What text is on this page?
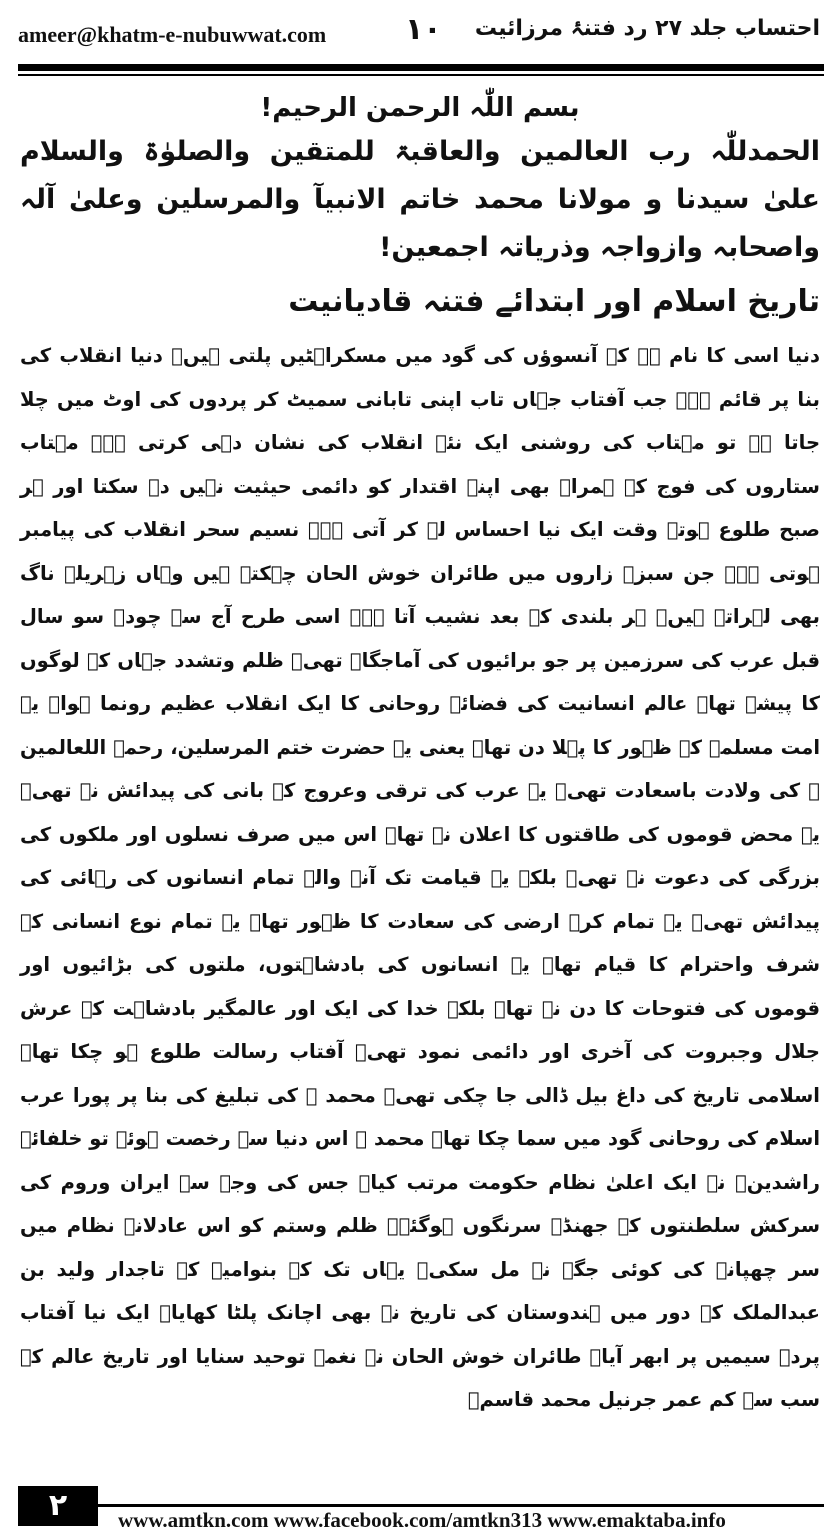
ameer@khatm-e-nubuwwat.com	۱۰ احتساب جلد ۲۷ رد فتنۂ مرزائیت
بسم اللّٰہ الرحمن الرحیم!
الحمدللّٰہ رب العالمین والعاقبۃ للمتقین والصلوٰۃ والسلام علیٰ سیدنا و مولانا محمد خاتم الانبیآ والمرسلین وعلیٰ آلہ واصحابہ وازواجہ وذریاتہ اجمعین!
تاریخ اسلام اور ابتدائے فتنہ قادیانیت
دنیا اسی کا نام ہے کہ آنسوؤں کی گود میں مسکراہٹیں پلتی ہیں۔ دنیا انقلاب کی بنا پر قائم ہے۔ جب آفتاب جہاں تاب اپنی تابانی سمیٹ کر پردوں کی اوٹ میں چلا جاتا ہے تو مہتاب کی روشنی ایک نئے انقلاب کی نشان دہی کرتی ہے۔ مہتاب ستاروں کی فوج کے ہمراہ بھی اپنے اقتدار کو دائمی حیثیت نہیں دے سکتا اور ہر صبح طلوع ہوتے وقت ایک نیا احساس لے کر آتی ہے۔ نسیم سحر انقلاب کی پیامبر ہوتی ہے۔ جن سبزہ زاروں میں طائران خوش الحان چہکتے ہیں وہاں زہریلے ناگ بھی لہراتے ہیں۔ ہر بلندی کے بعد نشیب آتا ہے۔ اسی طرح آج سے چودہ سو سال قبل عرب کی سرزمین پر جو برائیوں کی آماجگاہ تھی۔ ظلم وتشدد جہاں کے لوگوں کا پیشہ تھا۔ عالم انسانیت کی فضائے روحانی کا ایک انقلاب عظیم رونما ہوا۔ یہ امت مسلمہ کے ظہور کا پہلا دن تھا۔ یعنی یہ حضرت ختم المرسلین، رحمۃ اللعالمین ﷺ کی ولادت باسعادت تھی۔ یہ عرب کی ترقی وعروج کے بانی کی پیدائش نہ تھی۔ یہ محض قوموں کی طاقتوں کا اعلان نہ تھا۔ اس میں صرف نسلوں اور ملکوں کی بزرگی کی دعوت نہ تھی۔ بلکہ یہ قیامت تک آنے والے تمام انسانوں کی رہائی کی پیدائش تھی۔ یہ تمام کرۂ ارضی کی سعادت کا ظہور تھا۔ یہ تمام نوع انسانی کے شرف واحترام کا قیام تھا۔ یہ انسانوں کی بادشاہتوں، ملتوں کی بڑائیوں اور قوموں کی فتوحات کا دن نہ تھا۔ بلکہ خدا کی ایک اور عالمگیر بادشاہت کے عرش جلال وجبروت کی آخری اور دائمی نمود تھی۔ آفتاب رسالت طلوع ہو چکا تھا۔ اسلامی تاریخ کی داغ بیل ڈالی جا چکی تھی۔ محمد ﷺ کی تبلیغ کی بنا پر پورا عرب اسلام کی روحانی گود میں سما چکا تھا۔ محمد ﷺ اس دنیا سے رخصت ہوئے تو خلفائے راشدینؓ نے ایک اعلیٰ نظام حکومت مرتب کیا۔ جس کی وجہ سے ایران وروم کی سرکش سلطنتوں کے جھنڈے سرنگوں ہوگئے۔ ظلم وستم کو اس عادلانہ نظام میں سر چھپانے کی کوئی جگہ نہ مل سکی۔ یہاں تک کہ بنوامیہ کے تاجدار ولید بن عبدالملک کے دور میں ہندوستان کی تاریخ نے بھی اچانک پلٹا کھایا۔ ایک نیا آفتاب پردۂ سیمیں پر ابھر آیا۔ طائران خوش الحان نے نغمۂ توحید سنایا اور تاریخ عالم کے سب سے کم عمر جرنیل محمد قاسمؒ
۲	www.amtkn.com www.facebook.com/amtkn313 www.emaktaba.info
